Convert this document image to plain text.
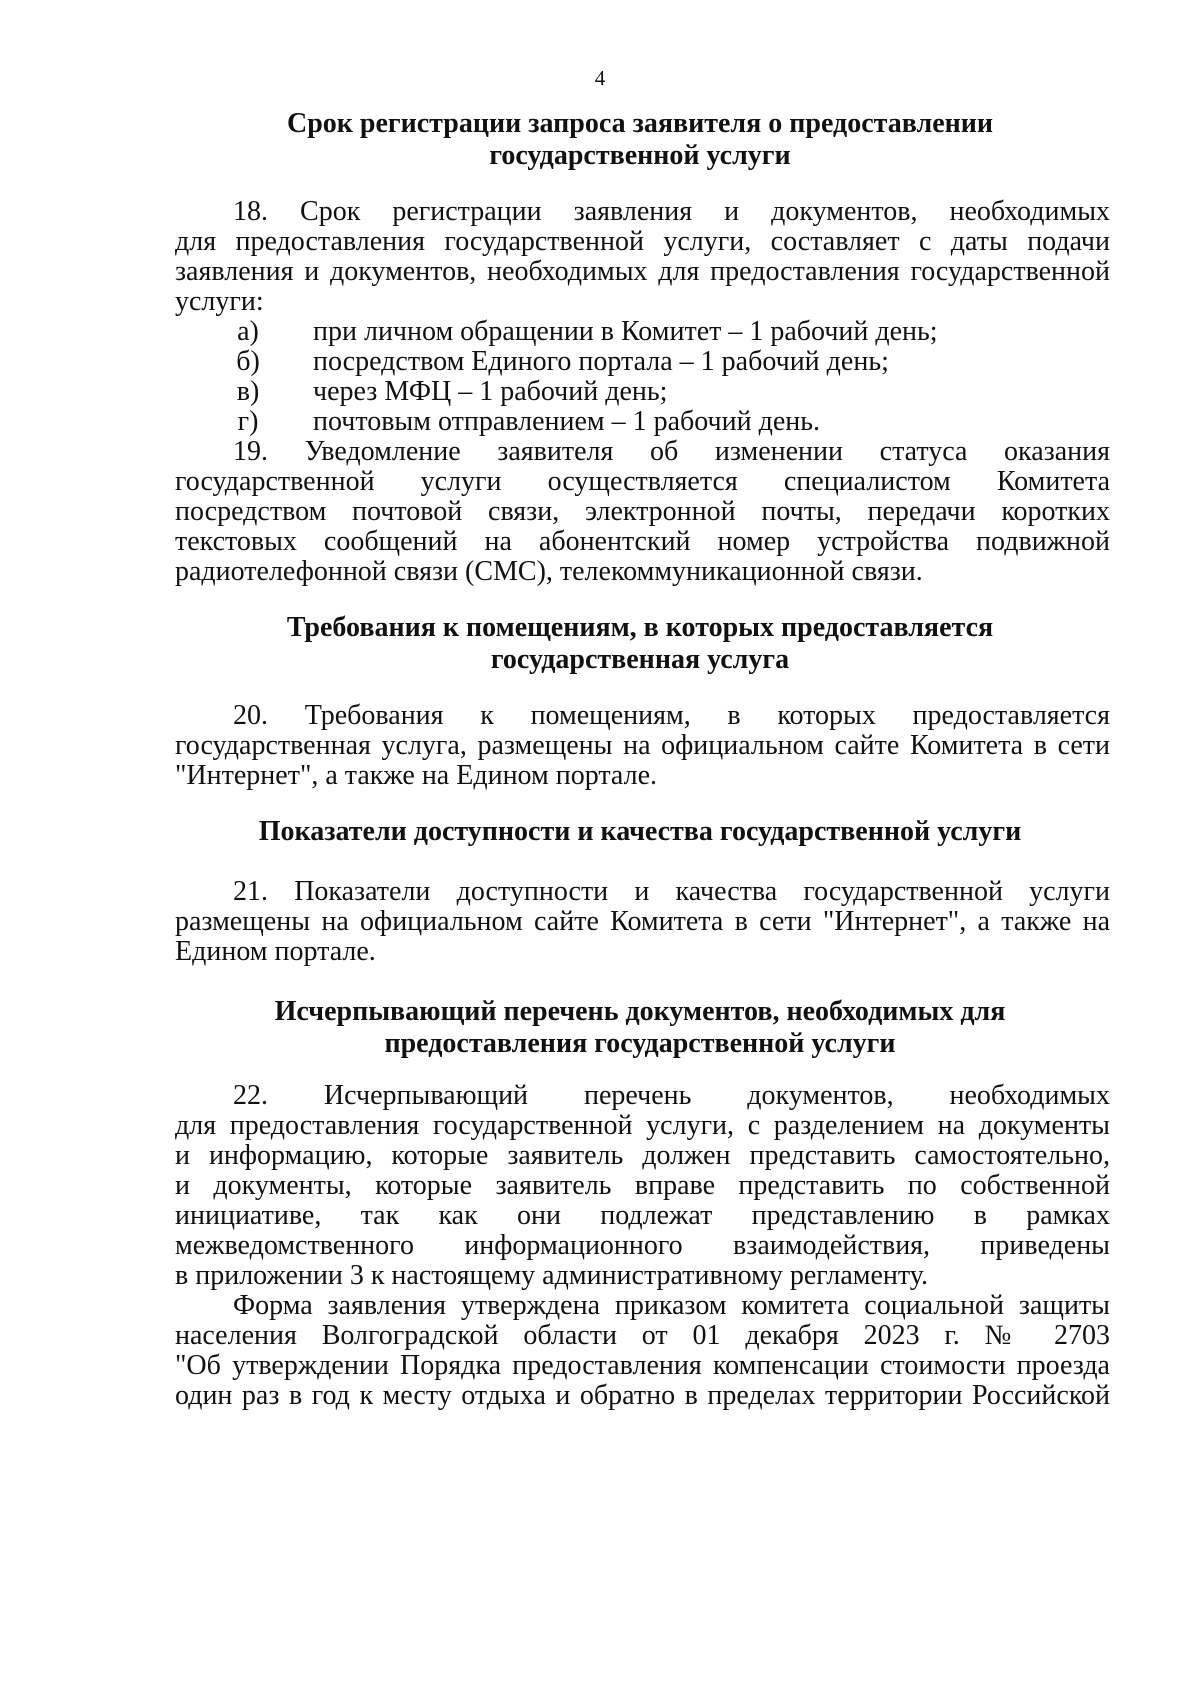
4
Срок регистрации запроса заявителя о предоставлении
государственной услуги
18. Срок регистрации заявления и документов, необходимых
для предоставления государственной услуги, составляет с даты подачи
заявления и документов, необходимых для предоставления государственной
услуги:
а)	при личном обращении в Комитет – 1 рабочий день;
б) посредством Единого портала – 1 рабочий день;
в)	через МФЦ – 1 рабочий день;
г)	почтовым отправлением – 1 рабочий день.
19. Уведомление заявителя об изменении статуса оказания
государственной услуги осуществляется специалистом Комитета
посредством почтовой связи, электронной почты, передачи коротких
текстовых сообщений на абонентский номер устройства подвижной
радиотелефонной связи (СМС), телекоммуникационной связи.
Требования к помещениям, в которых предоставляется
государственная услуга
20. Требования к помещениям, в которых предоставляется
государственная услуга, размещены на официальном сайте Комитета в сети
"Интернет", а также на Едином портале.
Показатели доступности и качества государственной услуги
21. Показатели доступности и качества государственной услуги
размещены на официальном сайте Комитета в сети "Интернет", а также на
Едином портале.
Исчерпывающий перечень документов, необходимых для
предоставления государственной услуги
22. Исчерпывающий перечень документов, необходимых
для предоставления государственной услуги, с разделением на документы
и информацию, которые заявитель должен представить самостоятельно,
и документы, которые заявитель вправе представить по собственной
инициативе, так как они подлежат представлению в рамках
межведомственного информационного взаимодействия, приведены
в приложении 3 к настоящему административному регламенту.
Форма заявления утверждена приказом комитета социальной защиты
населения Волгоградской области от 01 декабря 2023 г. № 2703
"Об утверждении Порядка предоставления компенсации стоимости проезда
один раз в год к месту отдыха и обратно в пределах территории Российской
